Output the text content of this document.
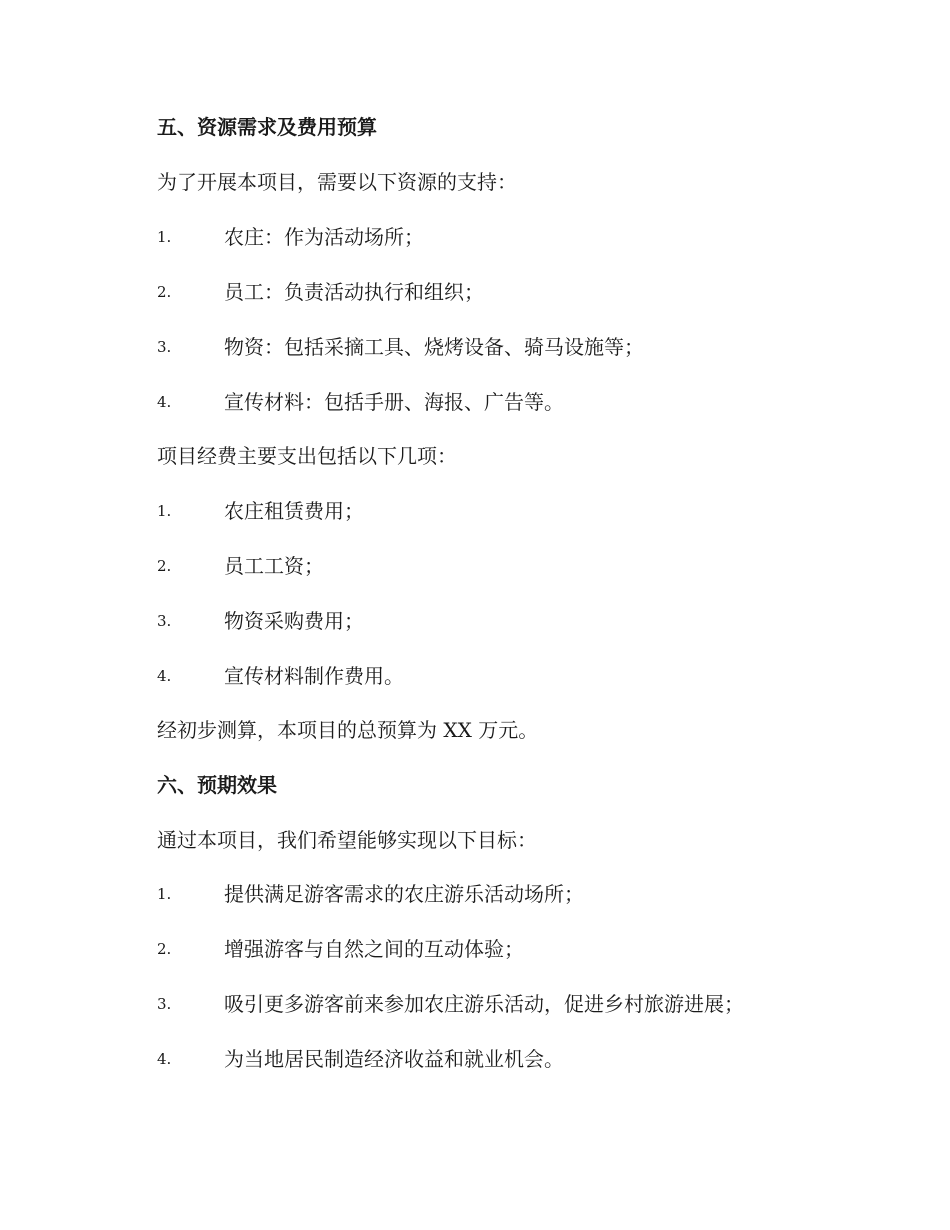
五、资源需求及费用预算
为了开展本项目，需要以下资源的支持：
1.	农庄：作为活动场所；
2.	员工：负责活动执行和组织；
3.	物资：包括采摘工具、烧烤设备、骑马设施等；
4.	宣传材料：包括手册、海报、广告等。
项目经费主要支出包括以下几项：
1.	农庄租赁费用；
2.	员工工资；
3.	物资采购费用；
4.	宣传材料制作费用。
经初步测算，本项目的总预算为 XX 万元。
六、预期效果
通过本项目，我们希望能够实现以下目标：
1.	提供满足游客需求的农庄游乐活动场所；
2.	增强游客与自然之间的互动体验；
3.	吸引更多游客前来参加农庄游乐活动，促进乡村旅游进展；
4.	为当地居民制造经济收益和就业机会。
